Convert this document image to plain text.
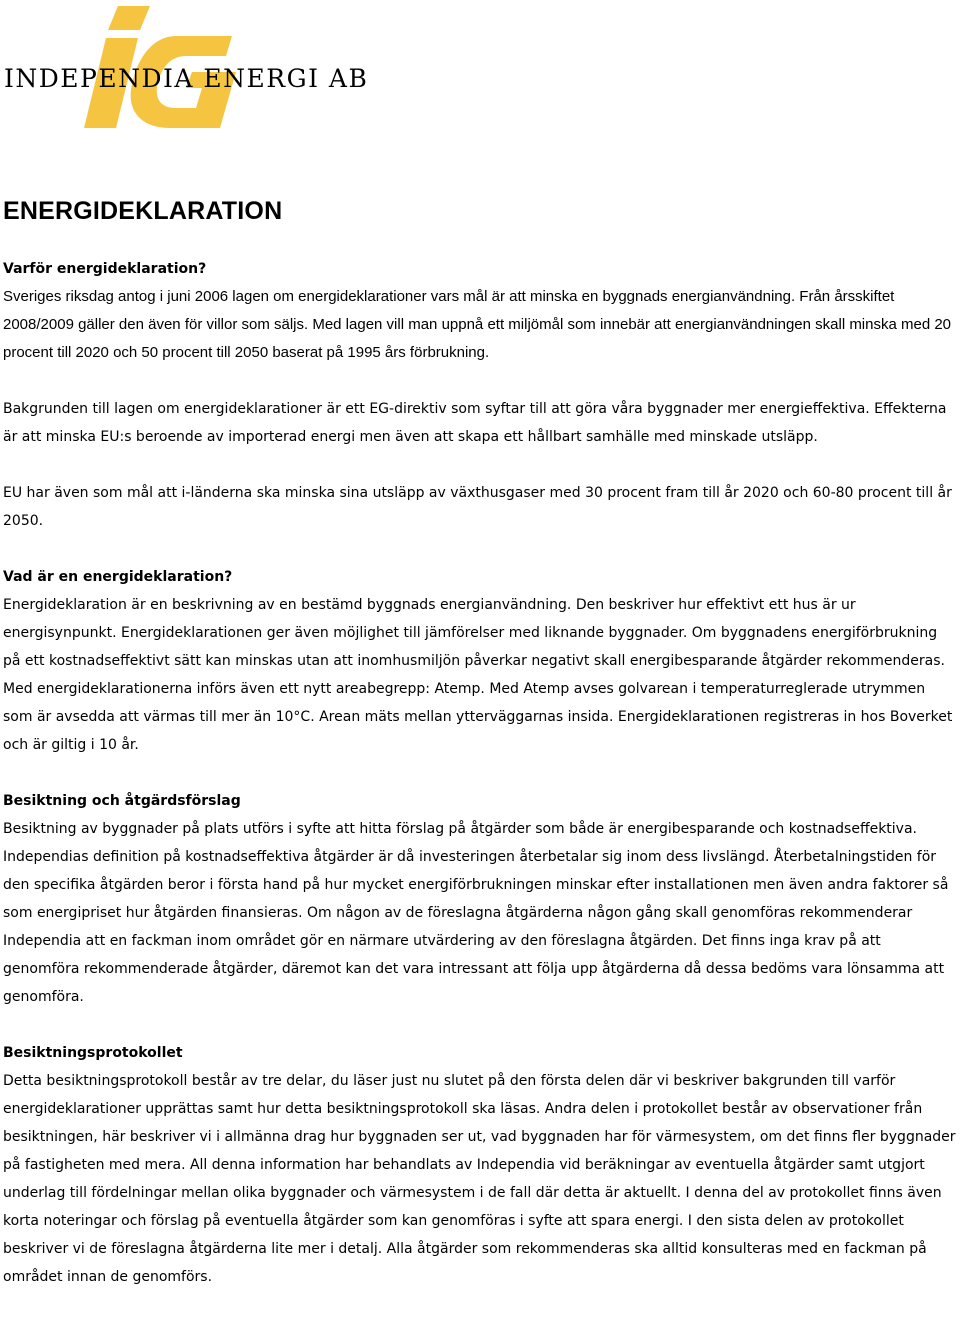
INDEPENDIA ENERGI AB
ENERGIDEKLARATION
Varför energideklaration?

Sveriges riksdag antog i juni 2006 lagen om energideklarationer vars mål är att minska en byggnads energianvändning. Från årsskiftet 2008/2009 gäller den även för villor som säljs. Med lagen vill man uppnå ett miljömål som innebär att energianvändningen skall minska med 20 procent till 2020 och 50 procent till 2050 baserat på 1995 års förbrukning.

Bakgrunden till lagen om energideklarationer är ett EG-direktiv som syftar till att göra våra byggnader mer energieffektiva. Effekterna är att minska EU:s beroende av importerad energi men även att skapa ett hållbart samhälle med minskade utsläpp.

EU har även som mål att i-länderna ska minska sina utsläpp av växthusgaser med 30 procent fram till år 2020 och 60-80 procent till år 2050.

Vad är en energideklaration?

Energideklaration är en beskrivning av en bestämd byggnads energianvändning. Den beskriver hur effektivt ett hus är ur energisynpunkt. Energideklarationen ger även möjlighet till jämförelser med liknande byggnader. Om byggnadens energiförbrukning på ett kostnadseffektivt sätt kan minskas utan att inomhusmiljön påverkar negativt skall energibesparande åtgärder rekommenderas. Med energideklarationerna införs även ett nytt areabegrepp: Atemp. Med Atemp avses golvarean i temperaturreglerade utrymmen som är avsedda att värmas till mer än 10°C. Arean mäts mellan ytterväggarnas insida. Energideklarationen registreras in hos Boverket och är giltig i 10 år.

Besiktning och åtgärdsförslag

Besiktning av byggnader på plats utförs i syfte att hitta förslag på åtgärder som både är energibesparande och kostnadseffektiva. Independias definition på kostnadseffektiva åtgärder är då investeringen återbetalar sig inom dess livslängd. Återbetalningstiden för den specifika åtgärden beror i första hand på hur mycket energiförbrukningen minskar efter installationen men även andra faktorer så som energipriset hur åtgärden finansieras. Om någon av de föreslagna åtgärderna någon gång skall genomföras rekommenderar Independia att en fackman inom området gör en närmare utvärdering av den föreslagna åtgärden. Det finns inga krav på att genomföra rekommenderade åtgärder, däremot kan det vara intressant att följa upp åtgärderna då dessa bedöms vara lönsamma att genomföra.

Besiktningsprotokollet

Detta besiktningsprotokoll består av tre delar, du läser just nu slutet på den första delen där vi beskriver bakgrunden till varför energideklarationer upprättas samt hur detta besiktningsprotokoll ska läsas. Andra delen i protokollet består av observationer från besiktningen, här beskriver vi i allmänna drag hur byggnaden ser ut, vad byggnaden har för värmesystem, om det finns fler byggnader på fastigheten med mera. All denna information har behandlats av Independia vid beräkningar av eventuella åtgärder samt utgjort underlag till fördelningar mellan olika byggnader och värmesystem i de fall där detta är aktuellt. I denna del av protokollet finns även korta noteringar och förslag på eventuella åtgärder som kan genomföras i syfte att spara energi. I den sista delen av protokollet beskriver vi de föreslagna åtgärderna lite mer i detalj. Alla åtgärder som rekommenderas ska alltid konsulteras med en fackman på området innan de genomförs.
